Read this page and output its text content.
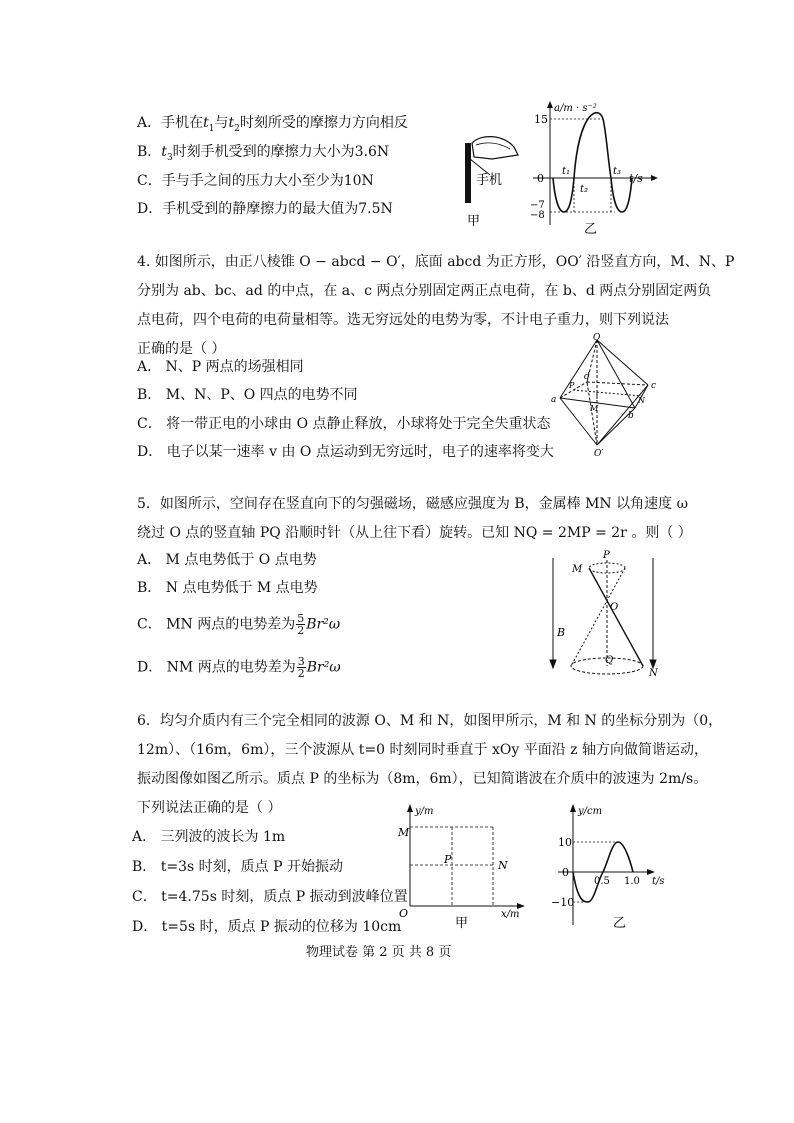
A．手机在$t_1$与$t_2$时刻所受的摩擦力方向相反
B．$t_3$时刻手机受到的摩擦力大小为3.6N
C．手与手之间的压力大小至少为10N
D．手机受到的静摩擦力的最大值为7.5N
手机
甲
a/m · s⁻²
15
0
−7
−8
t₁
t₂
t₃
t/s
乙
4. 如图所示，由正八棱锥 O − abcd − O′，底面 abcd 为正方形，OO′ 沿竖直方向，M、N、P
分别为 ab、bc、ad 的中点，在 a、c 两点分别固定两正点电荷，在 b、d 两点分别固定两负
点电荷，四个电荷的电荷量相等。选无穷远处的电势为零，不计电子重力，则下列说法
正确的是（ ）
A． N、P 两点的场强相同
B． M、N、P、O 四点的电势不同
C． 将一带正电的小球由 O 点静止释放，小球将处于完全失重状态
D． 电子以某一速率 v 由 O 点运动到无穷远时，电子的速率将变大
O
a
b
c
d
P
M
N
O′
5．如图所示，空间存在竖直向下的匀强磁场，磁感应强度为 B，金属棒 MN 以角速度 ω
绕过 O 点的竖直轴 PQ 沿顺时针（从上往下看）旋转。已知 NQ = 2MP = 2r 。则（ ）
A． M 点电势低于 O 点电势
B． N 点电势低于 M 点电势
C． MN 两点的电势差为 $\frac{5}{2} Br^2\omega$
D． NM 两点的电势差为 $\frac{3}{2} Br^2\omega$
P
M
O
B
Q
N
6．均匀介质内有三个完全相同的波源 O、M 和 N，如图甲所示，M 和 N 的坐标分别为（0，
12m）、（16m，6m），三个波源从 t=0 时刻同时垂直于 xOy 平面沿 z 轴方向做简谐运动，
振动图像如图乙所示。质点 P 的坐标为（8m，6m），已知简谐波在介质中的波速为 2m/s。
下列说法正确的是（ ）
A． 三列波的波长为 1m
B． t=3s 时刻，质点 P 开始振动
C． t=4.75s 时刻，质点 P 振动到波峰位置
D． t=5s 时，质点 P 振动的位移为 10cm
y/m
M
P	N
O	x/m
甲
y/cm
10
0
−10
0.5 1.0 t/s
乙
物理试卷 第 2 页 共 8 页
